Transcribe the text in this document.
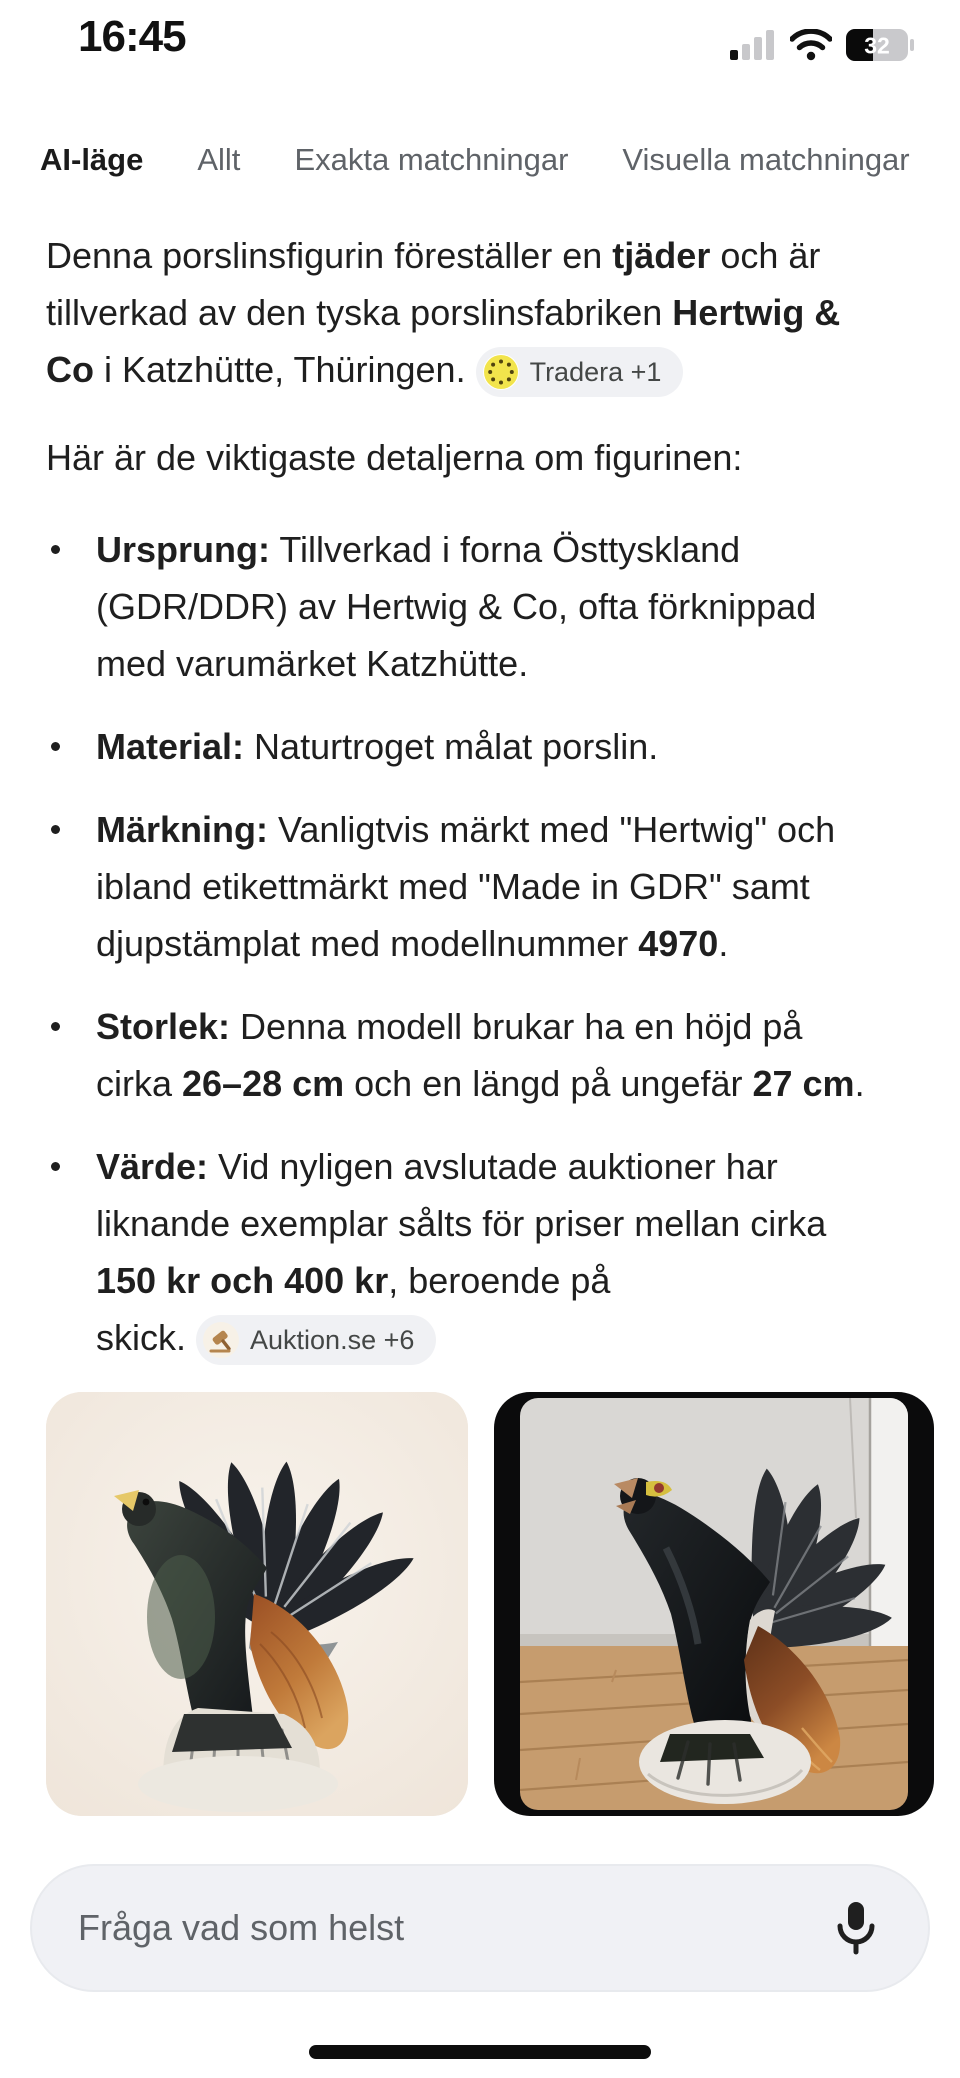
16:45	32
AI-läge Allt Exakta matchningar Visuella matchningar

Denna porslinsfigurin föreställer en tjäder och är
tillverkad av den tyska porslinsfabriken Hertwig &
Co i Katzhütte, Thüringen. Tradera +1

Här är de viktigaste detaljerna om figurinen:

Ursprung: Tillverkad i forna Östtyskland
(GDR/DDR) av Hertwig & Co, ofta förknippad
med varumärket Katzhütte.
Material: Naturtroget målat porslin.
Märkning: Vanligtvis märkt med "Hertwig" och
ibland etikettmärkt med "Made in GDR" samt
djupstämplat med modellnummer 4970.
Storlek: Denna modell brukar ha en höjd på
cirka 26–28 cm och en längd på ungefär 27 cm.
Värde: Vid nyligen avslutade auktioner har
liknande exemplar sålts för priser mellan cirka
150 kr och 400 kr, beroende på
skick. Auktion.se +6
Fråga vad som helst
